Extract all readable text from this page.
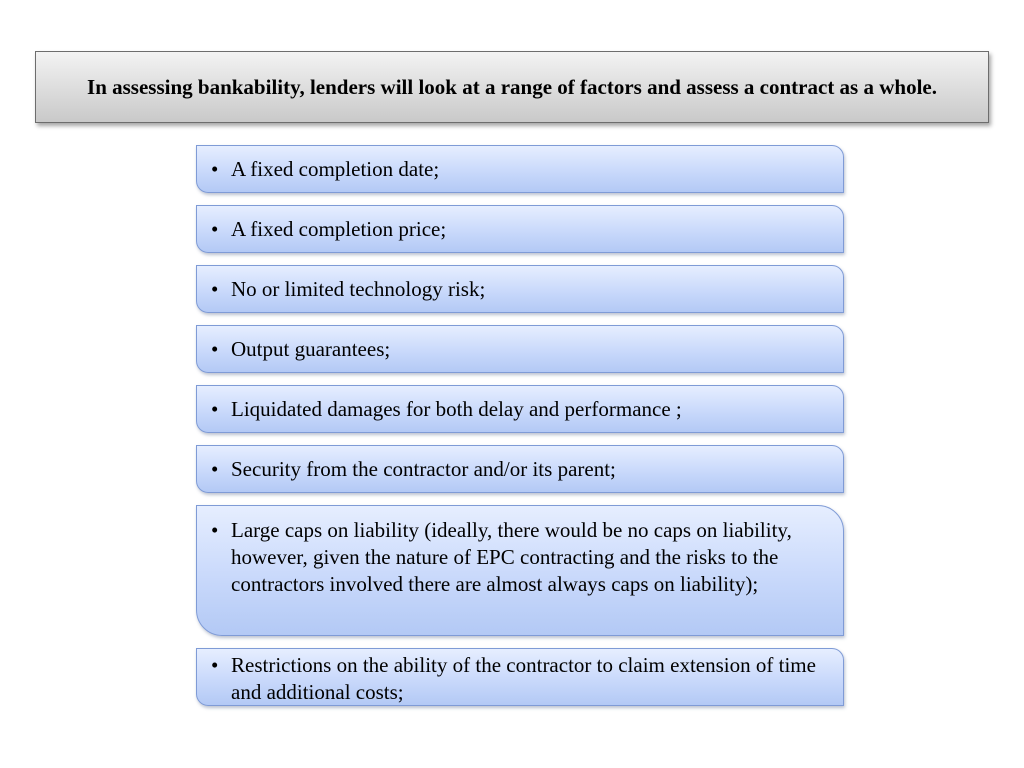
In assessing bankability, lenders will look at a range of factors and assess a contract as a whole.
• A fixed completion date;
• A fixed completion price;
• No or limited technology risk;
• Output guarantees;
• Liquidated damages for both delay and performance ;
• Security from the contractor and/or its parent;
• Large caps on liability (ideally, there would be no caps on liability, however, given the nature of EPC contracting and the risks to the contractors involved there are almost always caps on liability);
• Restrictions on the ability of the contractor to claim extension of time and additional costs;
